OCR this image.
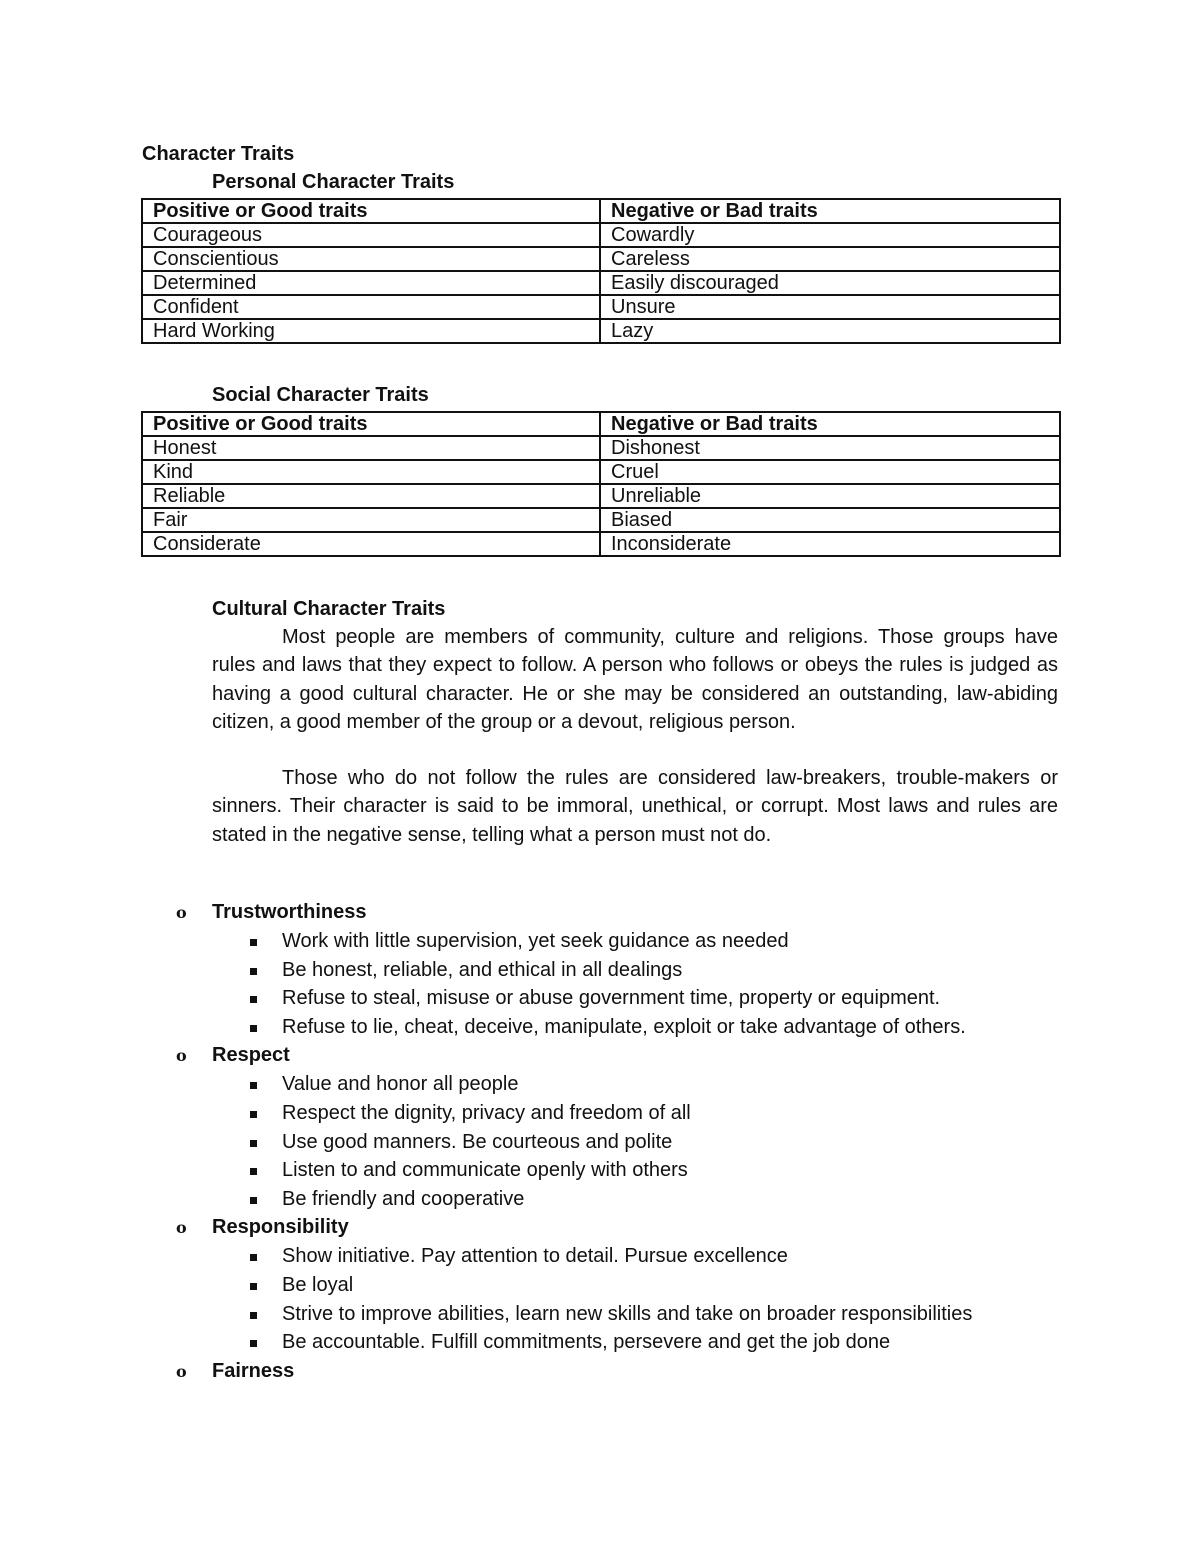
Character Traits
Personal Character Traits
Positive or Good traits	Negative or Bad traits
Courageous	Cowardly
Conscientious	Careless
Determined	Easily discouraged
Confident	Unsure
Hard Working	Lazy
Social Character Traits
Positive or Good traits	Negative or Bad traits
Honest	Dishonest
Kind	Cruel
Reliable	Unreliable
Fair	Biased
Considerate	Inconsiderate
Cultural Character Traits

Most people are members of community, culture and religions. Those groups have rules and laws that they expect to follow. A person who follows or obeys the rules is judged as having a good cultural character. He or she may be considered an outstanding, law-abiding citizen, a good member of the group or a devout, religious person.

Those who do not follow the rules are considered law-breakers, trouble-makers or sinners. Their character is said to be immoral, unethical, or corrupt. Most laws and rules are stated in the negative sense, telling what a person must not do.

o Trustworthiness
Work with little supervision, yet seek guidance as needed
Be honest, reliable, and ethical in all dealings
Refuse to steal, misuse or abuse government time, property or equipment.
Refuse to lie, cheat, deceive, manipulate, exploit or take advantage of others.
o Respect
Value and honor all people
Respect the dignity, privacy and freedom of all
Use good manners. Be courteous and polite
Listen to and communicate openly with others
Be friendly and cooperative
o Responsibility
Show initiative. Pay attention to detail. Pursue excellence
Be loyal
Strive to improve abilities, learn new skills and take on broader responsibilities
Be accountable. Fulfill commitments, persevere and get the job done
o Fairness
